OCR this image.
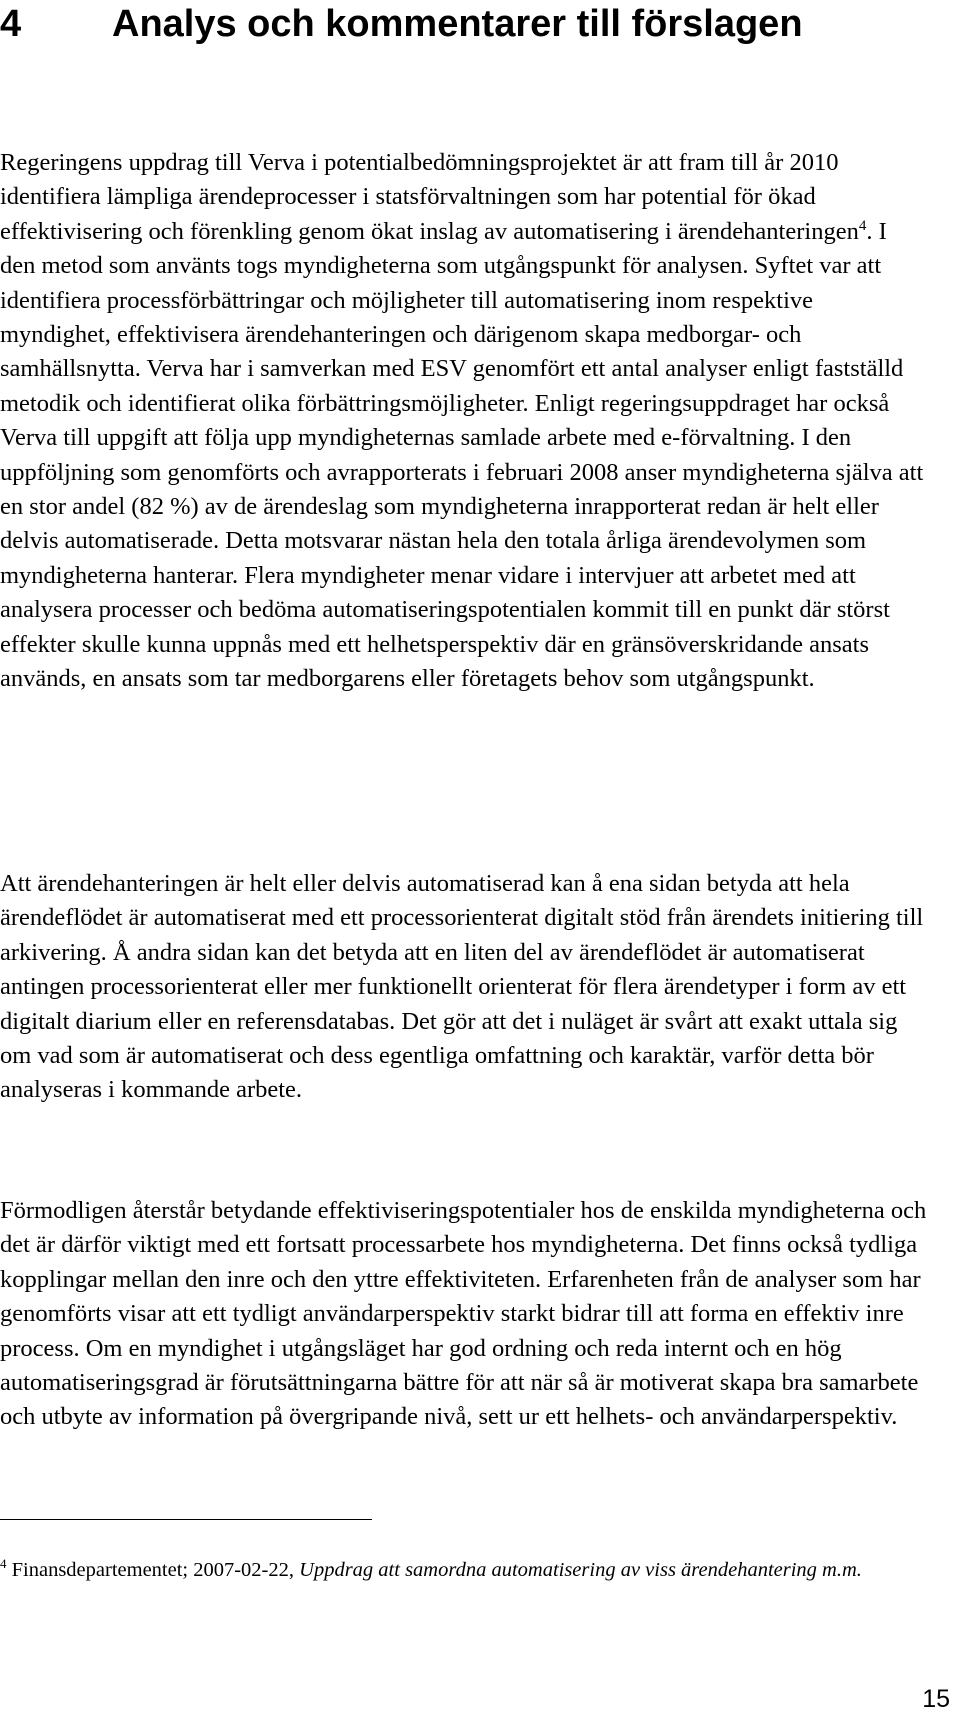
4 Analys och kommentarer till förslagen

Regeringens uppdrag till Verva i potentialbedömningsprojektet är att fram till år 2010 identifiera lämpliga ärendeprocesser i statsförvaltningen som har potential för ökad effektivisering och förenkling genom ökat inslag av automatisering i ärendehanteringen$^4$. I den metod som använts togs myndigheterna som utgångspunkt för analysen. Syftet var att identifiera processförbättringar och möjligheter till automatisering inom respektive myndighet, effektivisera ärendehanteringen och därigenom skapa medborgar- och samhällsnytta. Verva har i samverkan med ESV genomfört ett antal analyser enligt fastställd metodik och identifierat olika förbättringsmöjligheter. Enligt regeringsuppdraget har också Verva till uppgift att följa upp myndigheternas samlade arbete med e-förvaltning. I den uppföljning som genomförts och avrapporterats i februari 2008 anser myndigheterna själva att en stor andel (82 %) av de ärendeslag som myndigheterna inrapporterat redan är helt eller delvis automatiserade. Detta motsvarar nästan hela den totala årliga ärendevolymen som myndigheterna hanterar. Flera myndigheter menar vidare i intervjuer att arbetet med att analysera processer och bedöma automatiseringspotentialen kommit till en punkt där störst effekter skulle kunna uppnås med ett helhetsperspektiv där en gränsöverskridande ansats används, en ansats som tar medborgarens eller företagets behov som utgångspunkt.

Att ärendehanteringen är helt eller delvis automatiserad kan å ena sidan betyda att hela ärendeflödet är automatiserat med ett processorienterat digitalt stöd från ärendets initiering till arkivering. Å andra sidan kan det betyda att en liten del av ärendeflödet är automatiserat antingen processorienterat eller mer funktionellt orienterat för flera ärendetyper i form av ett digitalt diarium eller en referensdatabas. Det gör att det i nuläget är svårt att exakt uttala sig om vad som är automatiserat och dess egentliga omfattning och karaktär, varför detta bör analyseras i kommande arbete.

Förmodligen återstår betydande effektiviseringspotentialer hos de enskilda myndigheterna och det är därför viktigt med ett fortsatt processarbete hos myndigheterna. Det finns också tydliga kopplingar mellan den inre och den yttre effektiviteten. Erfarenheten från de analyser som har genomförts visar att ett tydligt användarperspektiv starkt bidrar till att forma en effektiv inre process. Om en myndighet i utgångsläget har god ordning och reda internt och en hög automatiseringsgrad är förutsättningarna bättre för att när så är motiverat skapa bra samarbete och utbyte av information på övergripande nivå, sett ur ett helhets- och användarperspektiv.

$^4$ Finansdepartementet; 2007-02-22, Uppdrag att samordna automatisering av viss ärendehantering m.m.

15
